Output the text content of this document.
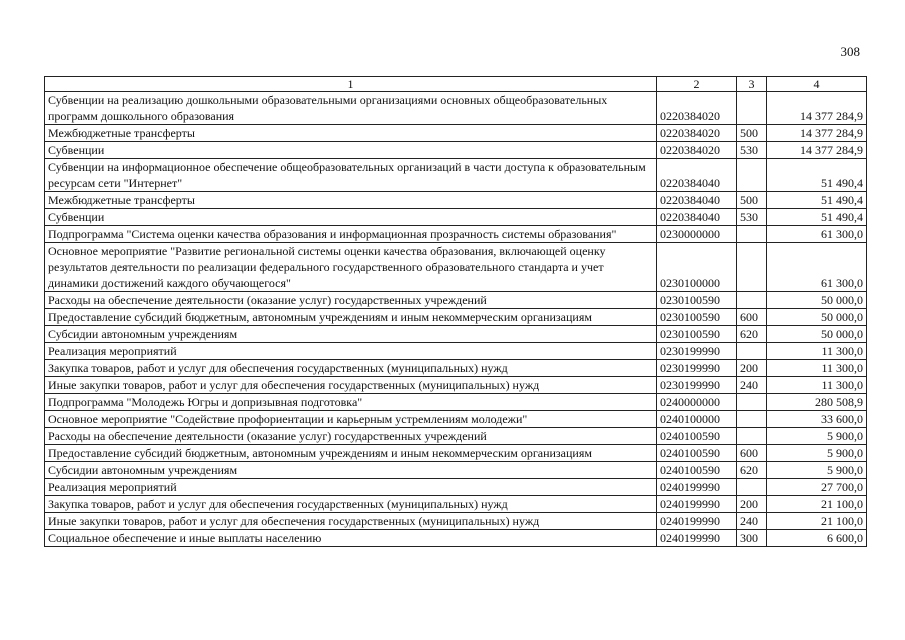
308
1	2	3	4
Субвенции на реализацию дошкольными образовательными организациями основных общеобразовательных программ дошкольного образования	0220384020		14 377 284,9
Межбюджетные трансферты	0220384020	500	14 377 284,9
Субвенции	0220384020	530	14 377 284,9
Субвенции на информационное обеспечение общеобразовательных организаций в части доступа к образовательным ресурсам сети "Интернет"	0220384040		51 490,4
Межбюджетные трансферты	0220384040	500	51 490,4
Субвенции	0220384040	530	51 490,4
Подпрограмма "Система оценки качества образования и информационная прозрачность системы образования"	0230000000		61 300,0
Основное мероприятие "Развитие региональной системы оценки качества образования, включающей оценку результатов деятельности по реализации федерального государственного образовательного стандарта и учет динамики достижений каждого обучающегося"	0230100000		61 300,0
Расходы на обеспечение деятельности (оказание услуг) государственных учреждений	0230100590		50 000,0
Предоставление субсидий бюджетным, автономным учреждениям и иным некоммерческим организациям	0230100590	600	50 000,0
Субсидии автономным учреждениям	0230100590	620	50 000,0
Реализация мероприятий	0230199990		11 300,0
Закупка товаров, работ и услуг для обеспечения государственных (муниципальных) нужд	0230199990	200	11 300,0
Иные закупки товаров, работ и услуг для обеспечения государственных (муниципальных) нужд	0230199990	240	11 300,0
Подпрограмма "Молодежь Югры и допризывная подготовка"	0240000000		280 508,9
Основное мероприятие "Содействие профориентации и карьерным устремлениям молодежи"	0240100000		33 600,0
Расходы на обеспечение деятельности (оказание услуг) государственных учреждений	0240100590		5 900,0
Предоставление субсидий бюджетным, автономным учреждениям и иным некоммерческим организациям	0240100590	600	5 900,0
Субсидии автономным учреждениям	0240100590	620	5 900,0
Реализация мероприятий	0240199990		27 700,0
Закупка товаров, работ и услуг для обеспечения государственных (муниципальных) нужд	0240199990	200	21 100,0
Иные закупки товаров, работ и услуг для обеспечения государственных (муниципальных) нужд	0240199990	240	21 100,0
Социальное обеспечение и иные выплаты населению	0240199990	300	6 600,0
